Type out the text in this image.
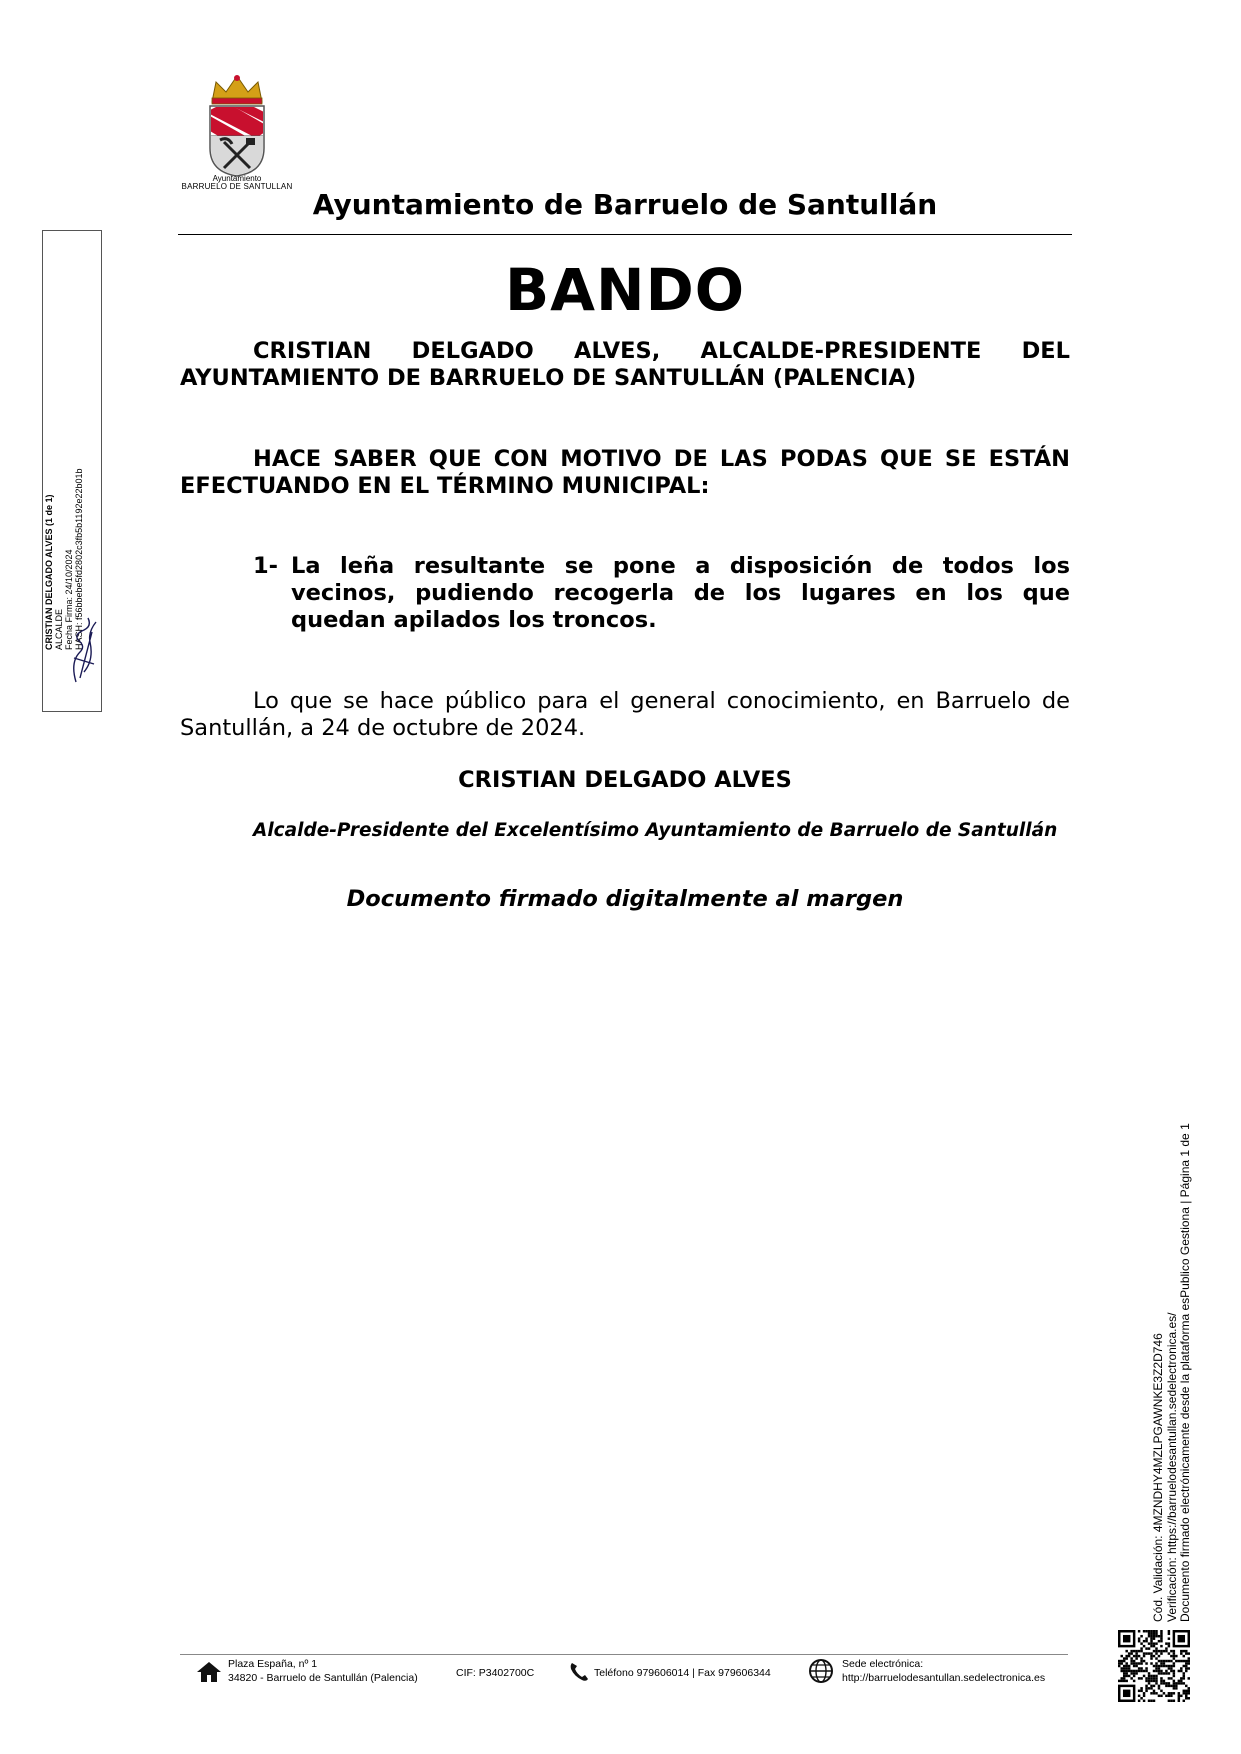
Ayuntamiento
BARRUELO DE SANTULLAN
Ayuntamiento de Barruelo de Santullán
BANDO
CRISTIAN DELGADO ALVES, ALCALDE-PRESIDENTE DEL AYUNTAMIENTO DE BARRUELO DE SANTULLÁN (PALENCIA)
HACE SABER QUE CON MOTIVO DE LAS PODAS QUE SE ESTÁN EFECTUANDO EN EL TÉRMINO MUNICIPAL:
1- La leña resultante se pone a disposición de todos los vecinos, pudiendo recogerla de los lugares en los que quedan apilados los troncos.
Lo que se hace público para el general conocimiento, en Barruelo de Santullán, a 24 de octubre de 2024.
CRISTIAN DELGADO ALVES
Alcalde-Presidente del Excelentísimo Ayuntamiento de Barruelo de Santullán
Documento firmado digitalmente al margen
CRISTIAN DELGADO ALVES (1 de 1) ALCALDE Fecha Firma: 24/10/2024 HASH: f56bbebe5fd2802c3fb5b1192e22b01b
Cód. Validación: 4MZNDHY4MZLPGAWNKE3Z2D746 Verificación: https://barruelodesantullan.sedelectronica.es/ Documento firmado electrónicamente desde la plataforma esPublico Gestiona | Página 1 de 1
Plaza España, nº 1
34820 - Barruelo de Santullán (Palencia)	CIF: P3402700C	Teléfono 979606014 | Fax 979606344
Sede electrónica:
http://barruelodesantullan.sedelectronica.es
